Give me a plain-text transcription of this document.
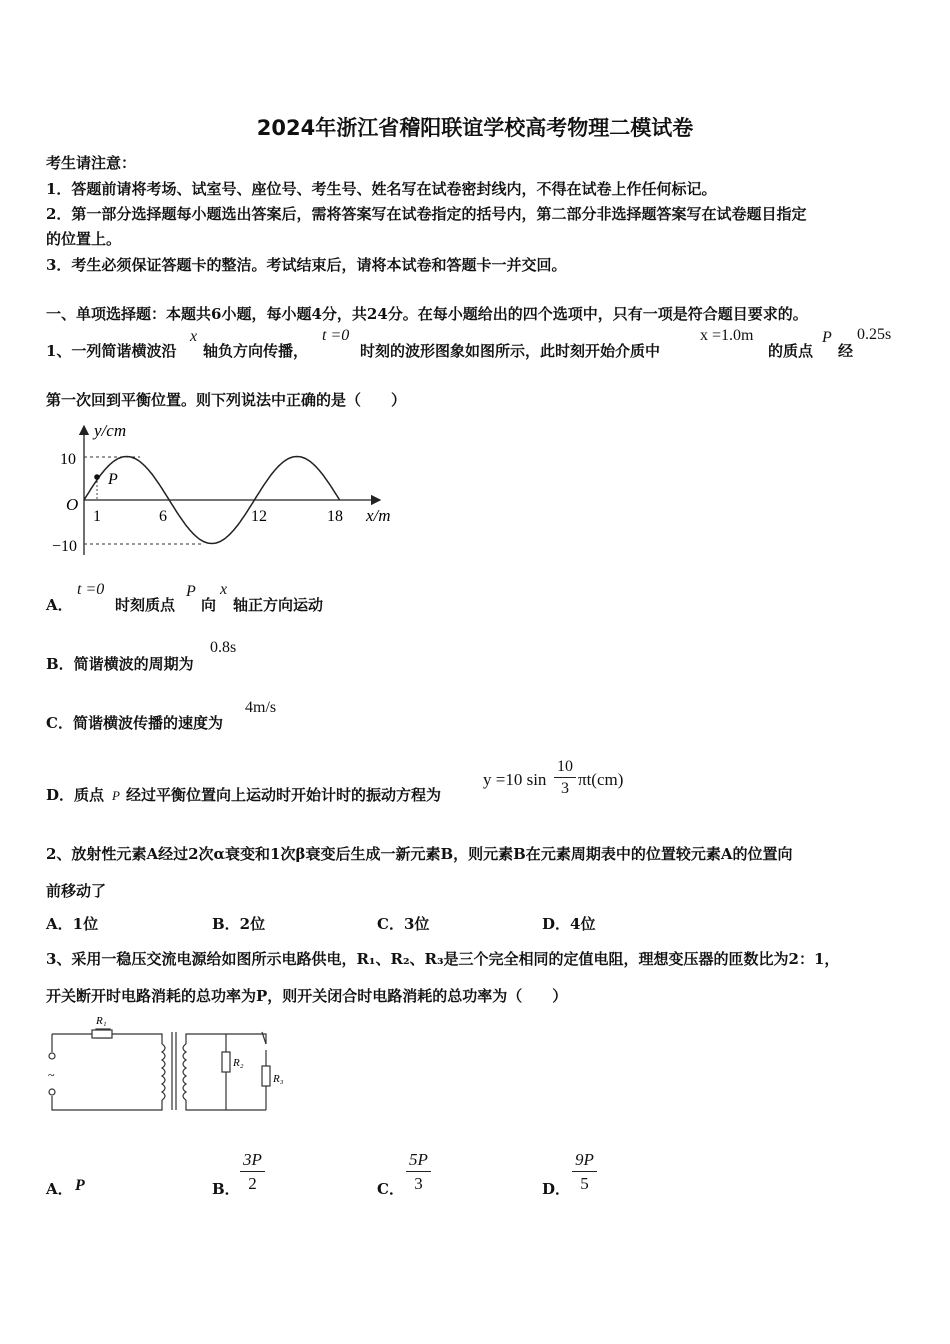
2024年浙江省稽阳联谊学校高考物理二模试卷
考生请注意：
1．答题前请将考场、试室号、座位号、考生号、姓名写在试卷密封线内，不得在试卷上作任何标记。
2．第一部分选择题每小题选出答案后，需将答案写在试卷指定的括号内，第二部分非选择题答案写在试卷题目指定
的位置上。
3．考生必须保证答题卡的整洁。考试结束后，请将本试卷和答题卡一并交回。
一、单项选择题：本题共6小题，每小题4分，共24分。在每小题给出的四个选项中，只有一项是符合题目要求的。
1、一列简谐横波沿
x
轴负方向传播，
t =0
时刻的波形图象如图所示，此时刻开始介质中
x =1.0m
的质点
P
经
0.25s
第一次回到平衡位置。则下列说法中正确的是（　　）
y/cm
x/m
O
P
10
−10
1	6	12	18
A．
t =0
时刻质点
P
向
x
轴正方向运动
B．简谐横波的周期为
0.8s
C．简谐横波传播的速度为
4m/s
D．质点 P 经过平衡位置向上运动时开始计时的振动方程为
y =10 $\sin \frac{10}{3} \pi t(cm)$
2、放射性元素A经过2次α衰变和1次β衰变后生成一新元素B，则元素B在元素周期表中的位置较元素A的位置向
前移动了
A．1位	B．2位	C．3位	D．4位
3、采用一稳压交流电源给如图所示电路供电，R₁、R₂、R₃是三个完全相同的定值电阻，理想变压器的匝数比为2：1，
开关断开时电路消耗的总功率为P，则开关闭合时电路消耗的总功率为（　　）
R₁
R₂
R₃
~
A． P	B． $\frac{3P}{2}$	C． $\frac{5P}{3}$	D． $\frac{9P}{5}$
